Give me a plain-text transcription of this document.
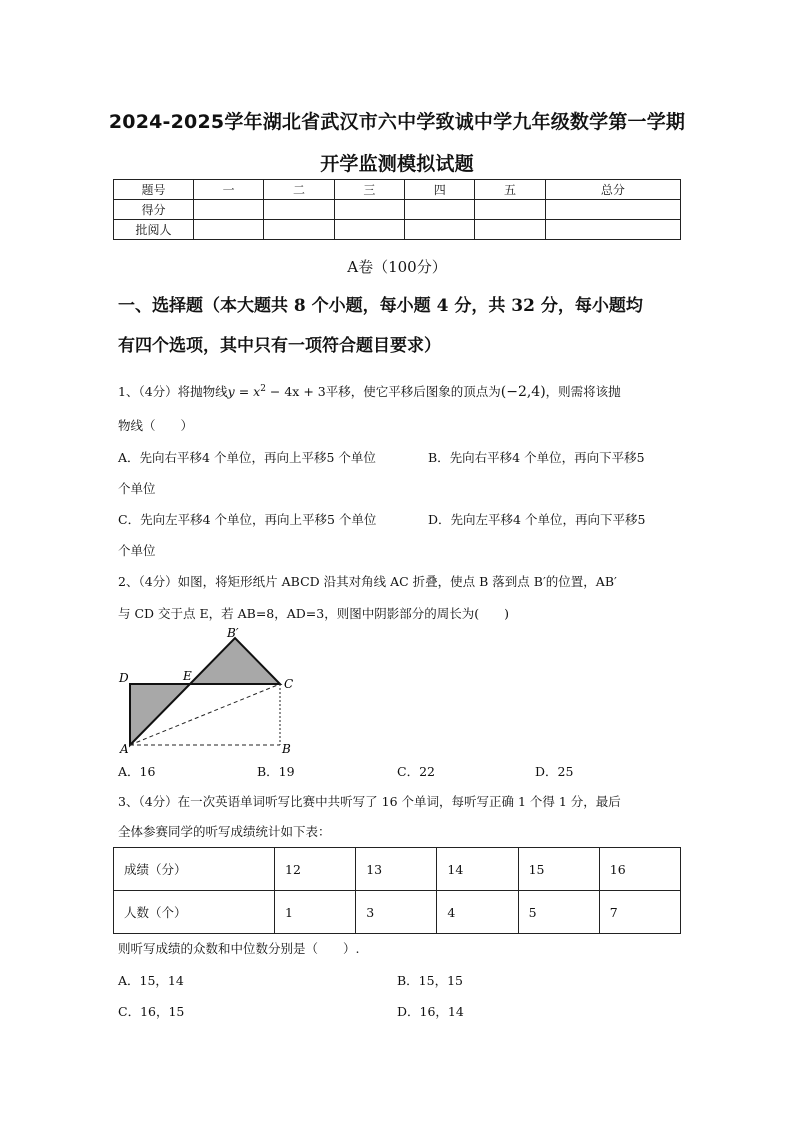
2024-2025学年湖北省武汉市六中学致诚中学九年级数学第一学期
开学监测模拟试题
题号	一	二	三	四	五	总分
得分						
批阅人						
A卷（100分）
一、选择题（本大题共 8 个小题，每小题 4 分，共 32 分，每小题均
有四个选项，其中只有一项符合题目要求）
1、（4分）将抛物线$y = x^2 - 4x + 3$平移，使它平移后图象的顶点为(−2,4)，则需将该抛
物线（　　）
A．先向右平移4 个单位，再向上平移5 个单位	B．先向右平移4 个单位，再向下平移5
个单位
C．先向左平移4 个单位，再向上平移5 个单位	D．先向左平移4 个单位，再向下平移5
个单位
2、（4分）如图，将矩形纸片 ABCD 沿其对角线 AC 折叠，使点 B 落到点 B′的位置，AB′
与 CD 交于点 E，若 AB=8，AD=3，则图中阴影部分的周长为(　　)
B′
D	E
C
A	B
A．16	B．19	C．22	D．25
3、（4分）在一次英语单词听写比赛中共听写了 16 个单词，每听写正确 1 个得 1 分，最后
全体参赛同学的听写成绩统计如下表：
成绩（分）	12	13	14	15	16
人数（个）	1	3	4	5	7
则听写成绩的众数和中位数分别是（　　）.
A．15，14	B．15，15
C．16，15	D．16，14
